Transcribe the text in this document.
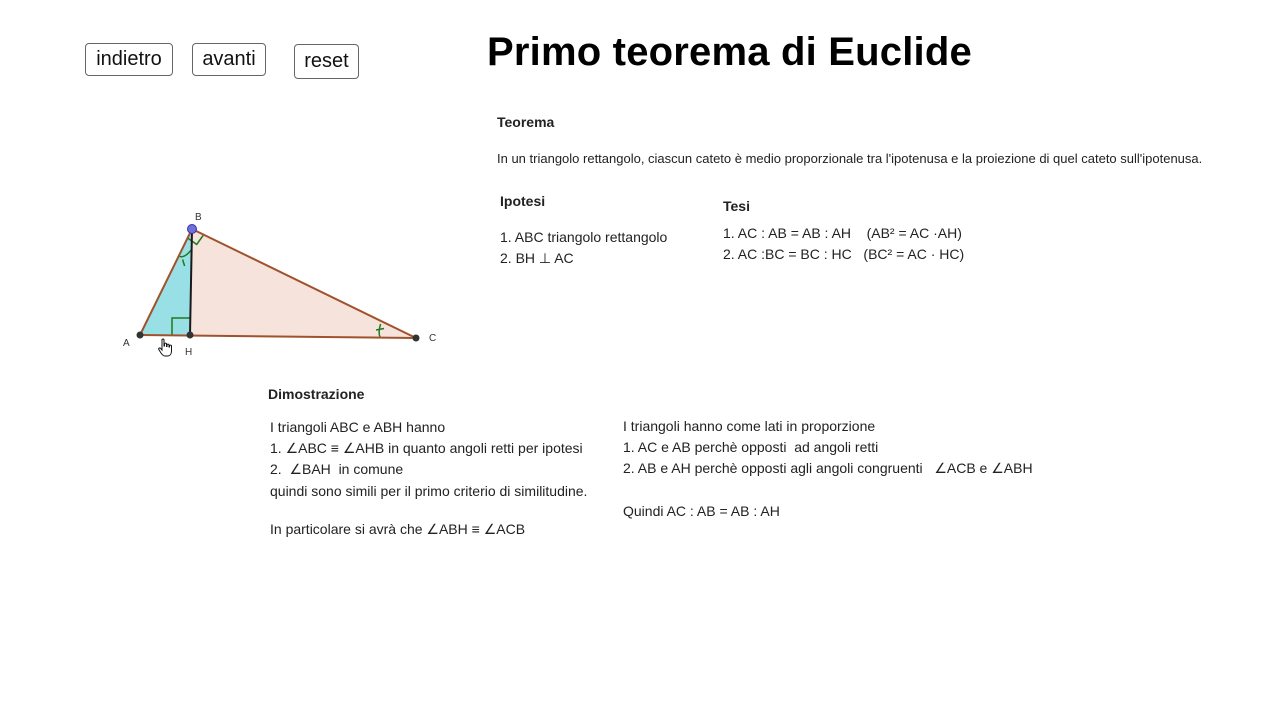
indietro	avanti	reset	Primo teorema di Euclide
Teorema
In un triangolo rettangolo, ciascun cateto è medio proporzionale tra l'ipotenusa e la proiezione di quel cateto sull'ipotenusa.
Ipotesi
1. ABC triangolo rettangolo
2. BH ⊥ AC
Tesi
1. AC : AB = AB : AH    (AB² = AC ·AH)
2. AC :BC = BC : HC   (BC² = AC · HC)
Dimostrazione
I triangoli ABC e ABH hanno
1. ∠ABC ≡ ∠AHB in quanto angoli retti per ipotesi
2.  ∠BAH  in comune
quindi sono simili per il primo criterio di similitudine.
In particolare si avrà che ∠ABH ≡ ∠ACB
I triangoli hanno come lati in proporzione
1. AC e AB perchè opposti  ad angoli retti
2. AB e AH perchè opposti agli angoli congruenti   ∠ACB e ∠ABH
Quindi AC : AB = AB : AH
A
B
C
H
